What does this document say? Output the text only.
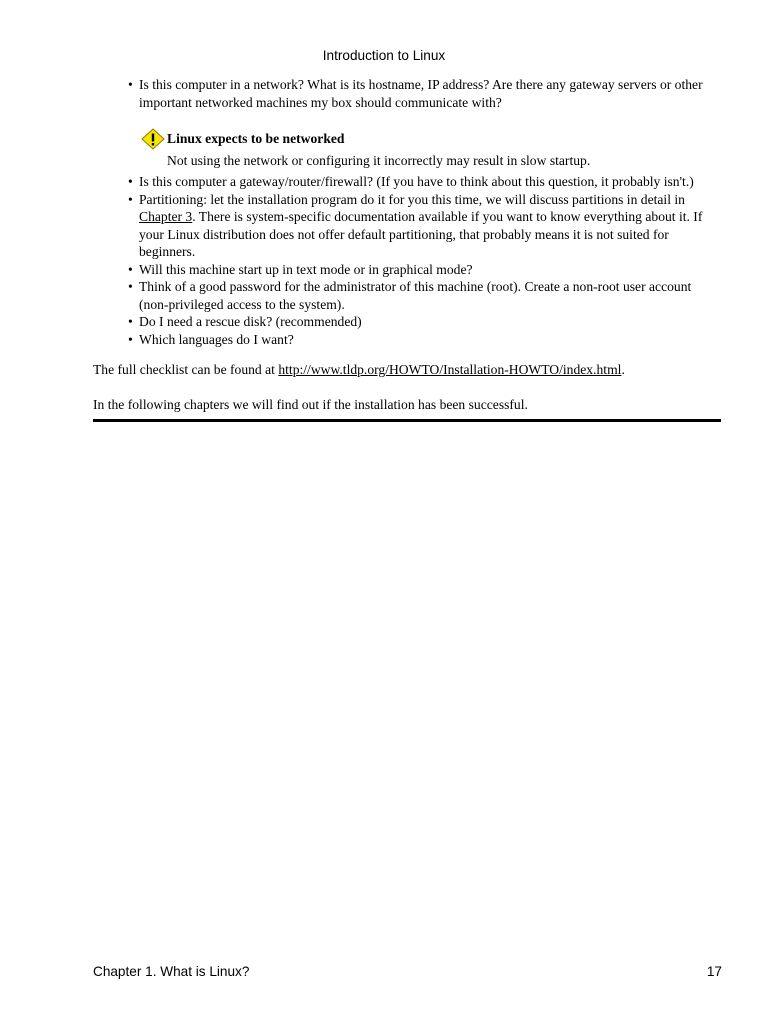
Introduction to Linux
• Is this computer in a network? What is its hostname, IP address? Are there any gateway servers or other important networked machines my box should communicate with?
Linux expects to be networked
Not using the network or configuring it incorrectly may result in slow startup.
• Is this computer a gateway/router/firewall? (If you have to think about this question, it probably isn't.)
• Partitioning: let the installation program do it for you this time, we will discuss partitions in detail in Chapter 3. There is system-specific documentation available if you want to know everything about it. If your Linux distribution does not offer default partitioning, that probably means it is not suited for beginners.
• Will this machine start up in text mode or in graphical mode?
• Think of a good password for the administrator of this machine (root). Create a non-root user account (non-privileged access to the system).
• Do I need a rescue disk? (recommended)
• Which languages do I want?

The full checklist can be found at http://www.tldp.org/HOWTO/Installation-HOWTO/index.html.

In the following chapters we will find out if the installation has been successful.

Chapter 1. What is Linux?	17
